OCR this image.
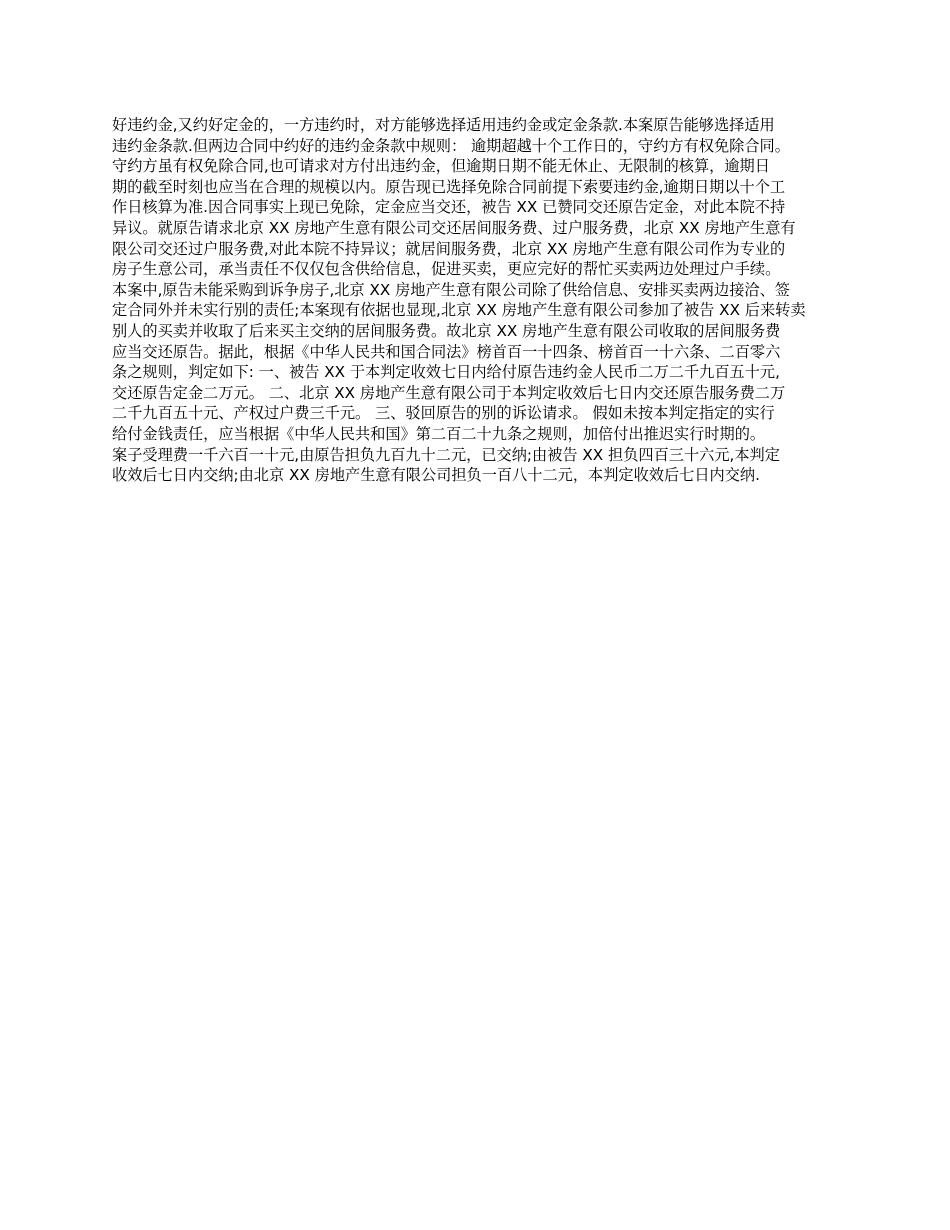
好违约金,又约好定金的，一方违约时，对方能够选择适用违约金或定金条款.本案原告能够选择适用
违约金条款.但两边合同中约好的违约金条款中规则： 逾期超越十个工作日的，守约方有权免除合同。
守约方虽有权免除合同,也可请求对方付出违约金，但逾期日期不能无休止、无限制的核算，逾期日
期的截至时刻也应当在合理的规模以内。原告现已选择免除合同前提下索要违约金,逾期日期以十个工
作日核算为准.因合同事实上现已免除，定金应当交还，被告 XX 已赞同交还原告定金，对此本院不持
异议。就原告请求北京 XX 房地产生意有限公司交还居间服务费、过户服务费，北京 XX 房地产生意有
限公司交还过户服务费,对此本院不持异议；就居间服务费，北京 XX 房地产生意有限公司作为专业的
房子生意公司，承当责任不仅仅包含供给信息，促进买卖，更应完好的帮忙买卖两边处理过户手续。
本案中,原告未能采购到诉争房子,北京 XX 房地产生意有限公司除了供给信息、安排买卖两边接洽、签
定合同外并未实行别的责任;本案现有依据也显现,北京 XX 房地产生意有限公司参加了被告 XX 后来转卖
别人的买卖并收取了后来买主交纳的居间服务费。故北京 XX 房地产生意有限公司收取的居间服务费
应当交还原告。据此，根据《中华人民共和国合同法》榜首百一十四条、榜首百一十六条、二百零六
条之规则，判定如下: 一、被告 XX 于本判定收效七日内给付原告违约金人民币二万二千九百五十元,
交还原告定金二万元。 二、北京 XX 房地产生意有限公司于本判定收效后七日内交还原告服务费二万
二千九百五十元、产权过户费三千元。 三、驳回原告的别的诉讼请求。 假如未按本判定指定的实行
给付金钱责任，应当根据《中华人民共和国》第二百二十九条之规则，加倍付出推迟实行时期的。
案子受理费一千六百一十元,由原告担负九百九十二元，已交纳;由被告 XX 担负四百三十六元,本判定
收效后七日内交纳;由北京 XX 房地产生意有限公司担负一百八十二元，本判定收效后七日内交纳.
